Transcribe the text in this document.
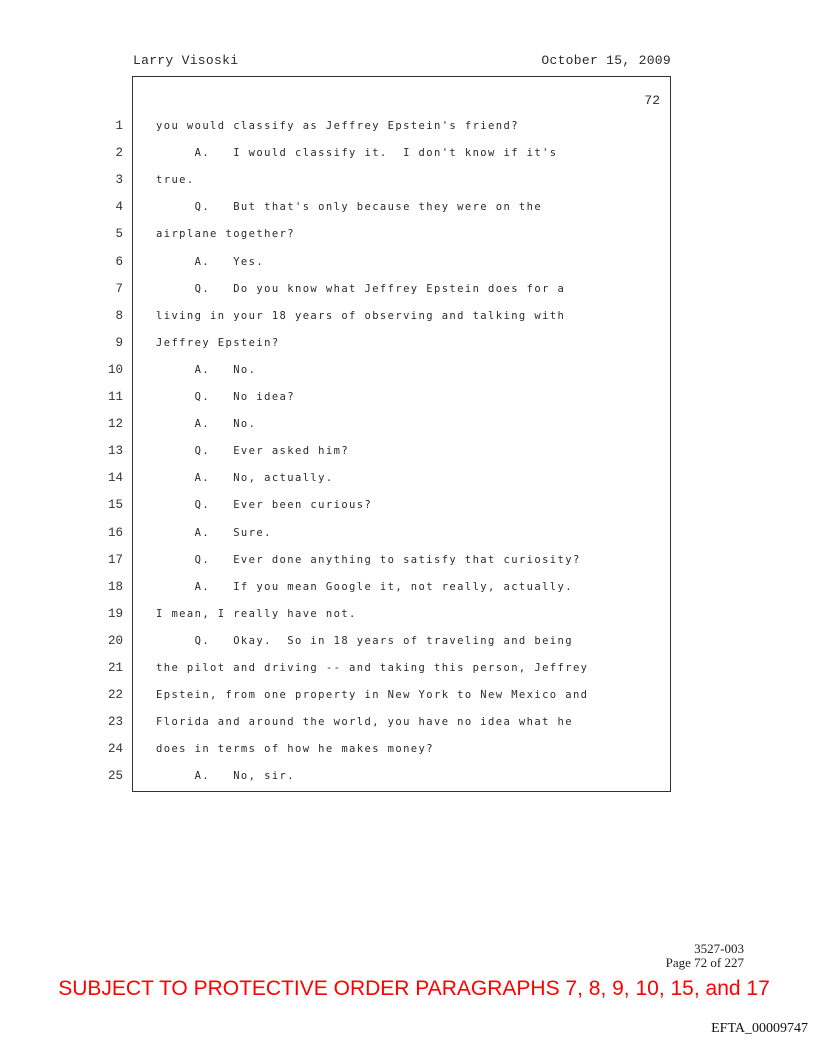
Larry Visoski	October 15, 2009
72
1
2
3
4
5
6
7
8
9
10
11
12
13
14
15
16
17
18
19
20
21
22
23
24
25
you would classify as Jeffrey Epstein's friend?
A.   I would classify it.  I don't know if it's
true.
Q.   But that's only because they were on the
airplane together?
A.   Yes.
Q.   Do you know what Jeffrey Epstein does for a
living in your 18 years of observing and talking with
Jeffrey Epstein?
A.   No.
Q.   No idea?
A.   No.
Q.   Ever asked him?
A.   No, actually.
Q.   Ever been curious?
A.   Sure.
Q.   Ever done anything to satisfy that curiosity?
A.   If you mean Google it, not really, actually.
I mean, I really have not.
Q.   Okay.  So in 18 years of traveling and being
the pilot and driving -- and taking this person, Jeffrey
Epstein, from one property in New York to New Mexico and
Florida and around the world, you have no idea what he
does in terms of how he makes money?
A.   No, sir.
3527-003
Page 72 of 227
SUBJECT TO PROTECTIVE ORDER PARAGRAPHS 7, 8, 9, 10, 15, and 17
EFTA_00009747
